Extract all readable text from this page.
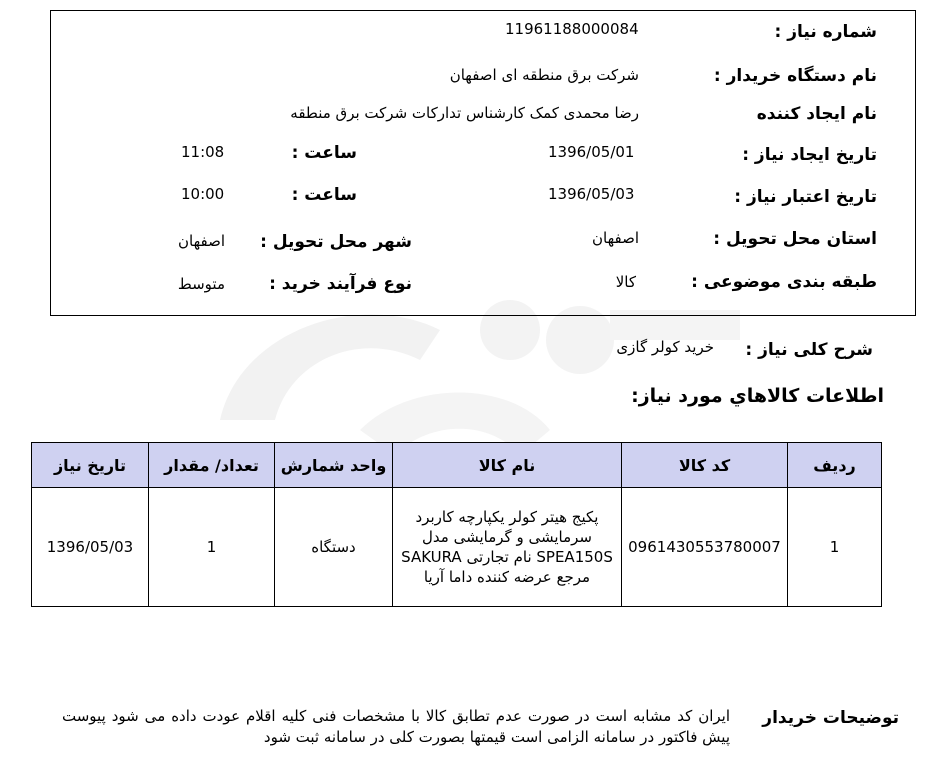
شماره نیاز :
1196118800008‭4
نام دستگاه خریدار :
شرکت برق منطقه ای اصفهان
نام ایجاد کننده
رضا محمدی کمک کارشناس تدارکات شرکت برق منطقه
تاریخ ایجاد نیاز :
1396/05/01
ساعت :
11:08
تاریخ اعتبار نیاز :
1396/05/03
ساعت :
10:00
استان محل تحویل :
اصفهان
شهر محل تحویل :
اصفهان
طبقه بندی موضوعی :
کالا
نوع فرآیند خرید :
متوسط
شرح کلی نیاز :
خرید کولر گازی
اطلاعات کالاهاي مورد نیاز:
ردیف	کد کالا	نام کالا	واحد شمارش	تعداد/ مقدار	تاریخ نیاز
1	0961430553780007	پکیج هیتر کولر یکپارچه کاربرد سرمایشی و گرمایشی مدل SPEA150S نام تجارتی SAKURA مرجع عرضه کننده داما آریا	دستگاه	1	1396/05/03
توضیحات خریدار
ایران کد مشابه است در صورت عدم تطابق کالا با مشخصات فنی کلیه اقلام عودت داده می شود پیوست پیش فاکتور در سامانه الزامی است قیمتها بصورت کلی در سامانه ثبت شود
